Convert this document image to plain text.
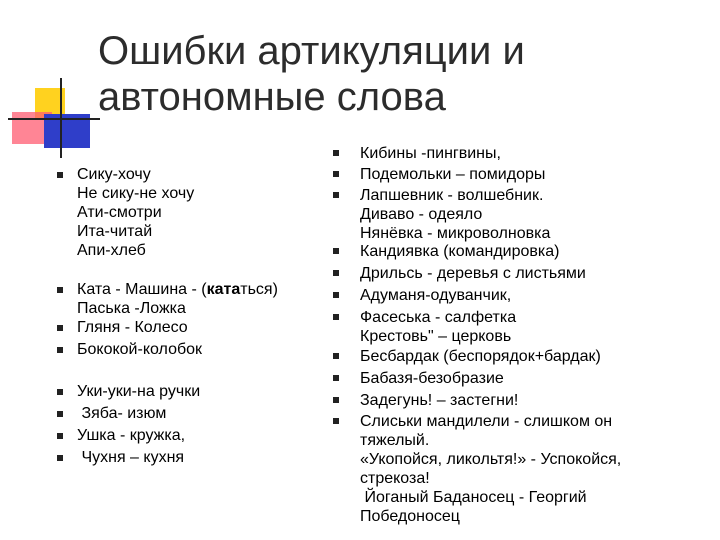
Ошибки артикуляции и
автономные слова
Сику-хочу
Не сику-не хочу
Ати-смотри
Ита-читай
Апи-хлеб
Ката - Машина - (кататься)
Паська -Ложка
Гляня - Колесо
Бококой-колобок
Уки-уки-на ручки
Зяба- изюм
Ушка - кружка,
Чухня – кухня
Кибины -пингвины,
Подемольки – помидоры
Лапшевник - волшебник.
Диваво - одеяло
Нянёвка - микроволновка
Кандиявка (командировка)
Дрильсь - деревья с листьями
Адуманя-одуванчик,
Фасеська - салфетка
Крестовь" – церковь
Бесбардак (беспорядок+бардак)
Бабазя-безобразие
Задегунь! – застегни!
Слиськи мандилели - слишком он
тяжелый.
«Укопойся, ликольтя!» - Успокойся,
стрекоза!
Йоганый Баданосец - Георгий
Победоносец
